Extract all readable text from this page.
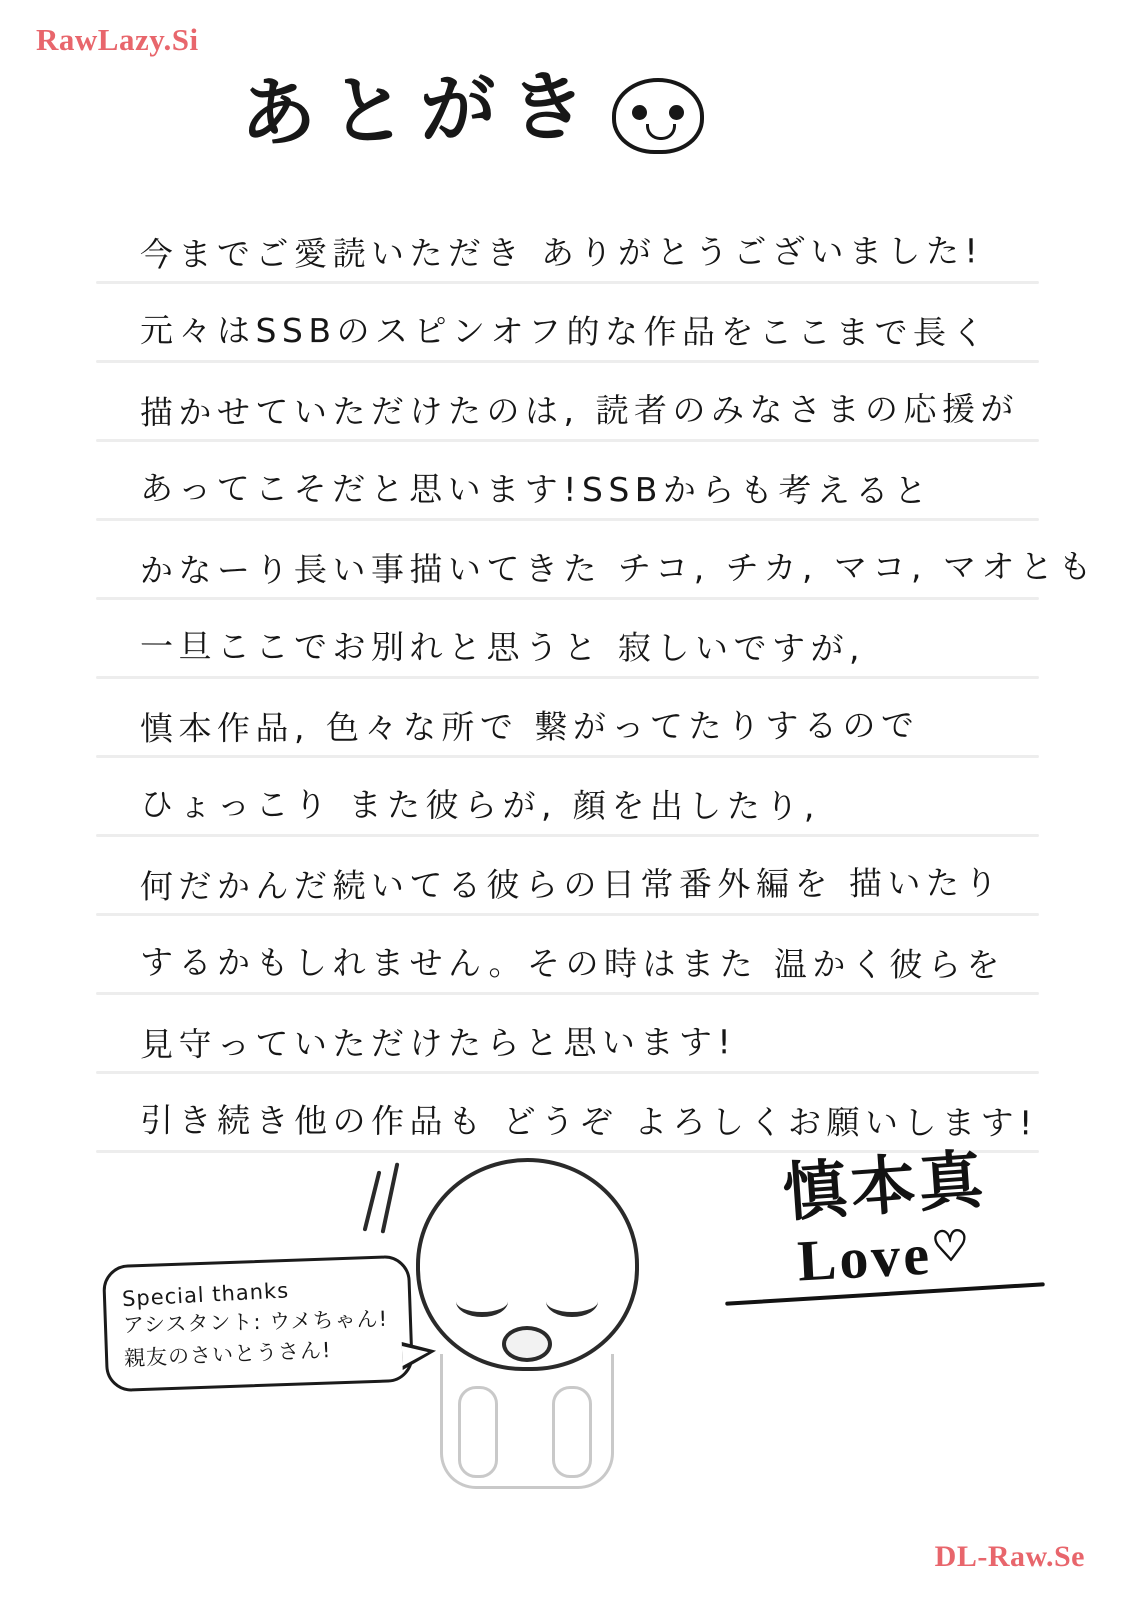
RawLazy.Si
あとがき
今までご愛読いただき ありがとうございました!
元々はSSBのスピンオフ的な作品をここまで長く
描かせていただけたのは, 読者のみなさまの応援が
あってこそだと思います!SSBからも考えると
かなーり長い事描いてきた チコ, チカ, マコ, マオとも
一旦ここでお別れと思うと 寂しいですが,
慎本作品, 色々な所で 繋がってたりするので
ひょっこり また彼らが, 顔を出したり,
何だかんだ続いてる彼らの日常番外編を 描いたり
するかもしれません。その時はまた 温かく彼らを
見守っていただけたらと思います!
引き続き他の作品も どうぞ よろしくお願いします!
Special thanks
アシスタント: ウメちゃん!
親友のさいとうさん!
慎本真
Love♡
DL-Raw.Se
